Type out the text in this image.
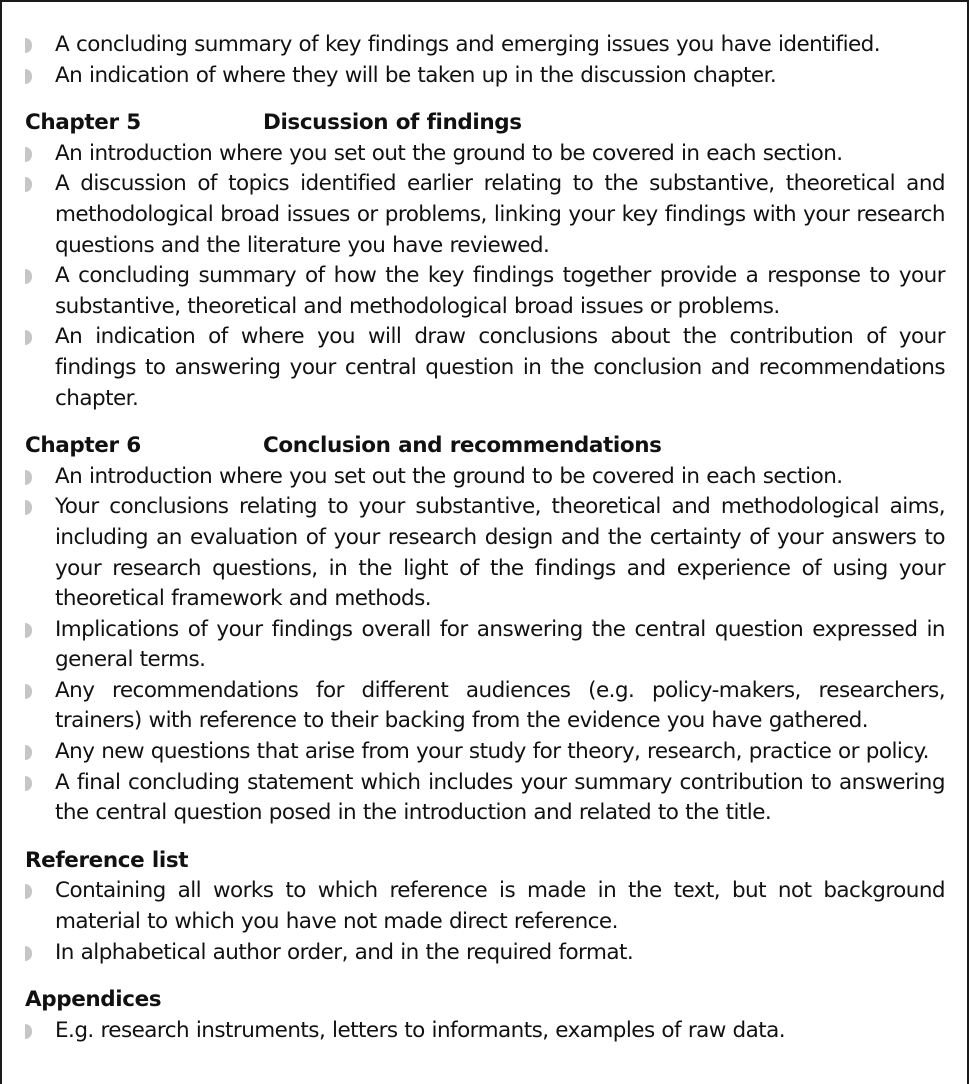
A concluding summary of key findings and emerging issues you have identified.
An indication of where they will be taken up in the discussion chapter.
Chapter 5	Discussion of findings
An introduction where you set out the ground to be covered in each section.
A discussion of topics identified earlier relating to the substantive, theoretical and methodological broad issues or problems, linking your key findings with your research questions and the literature you have reviewed.
A concluding summary of how the key findings together provide a response to your substantive, theoretical and methodological broad issues or problems.
An indication of where you will draw conclusions about the contribution of your findings to answering your central question in the conclusion and recommendations chapter.
Chapter 6	Conclusion and recommendations
An introduction where you set out the ground to be covered in each section.
Your conclusions relating to your substantive, theoretical and methodological aims, including an evaluation of your research design and the certainty of your answers to your research questions, in the light of the findings and experience of using your theoretical framework and methods.
Implications of your findings overall for answering the central question expressed in general terms.
Any recommendations for different audiences (e.g. policy-makers, researchers, trainers) with reference to their backing from the evidence you have gathered.
Any new questions that arise from your study for theory, research, practice or policy.
A final concluding statement which includes your summary contribution to answering the central question posed in the introduction and related to the title.
Reference list
Containing all works to which reference is made in the text, but not background material to which you have not made direct reference.
In alphabetical author order, and in the required format.
Appendices
E.g. research instruments, letters to informants, examples of raw data.
